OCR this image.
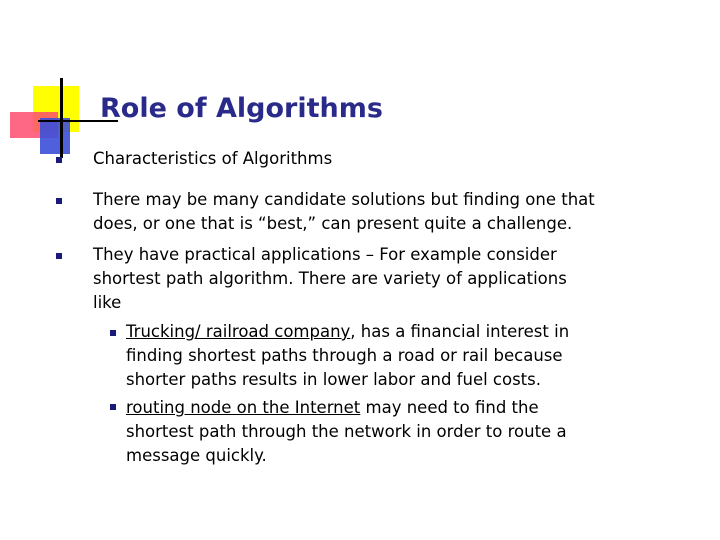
Role of Algorithms
Characteristics of Algorithms
There may be many candidate solutions but finding one that
does, or one that is “best,” can present quite a challenge.
They have practical applications – For example consider
shortest path algorithm. There are variety of applications
like
Trucking/ railroad company, has a financial interest in
finding shortest paths through a road or rail because
shorter paths results in lower labor and fuel costs.
routing node on the Internet may need to find the
shortest path through the network in order to route a
message quickly.
